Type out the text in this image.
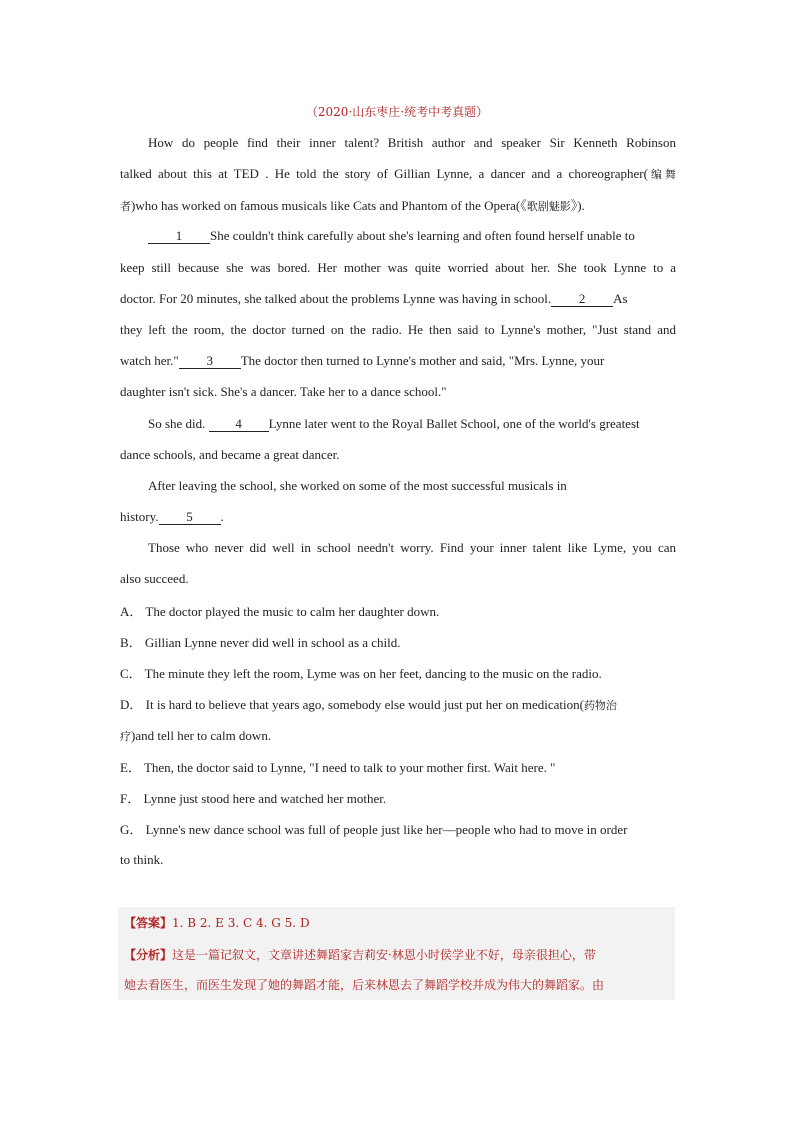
（2020·山东枣庄·统考中考真题）
How do people find their inner talent? British author and speaker Sir Kenneth Robinson
talked about this at TED . He told the story of Gillian Lynne, a dancer and a choreographer(编舞
者)who has worked on famous musicals like Cats and Phantom of the Opera(《歌剧魅影》).
1 She couldn't think carefully about she's learning and often found herself unable to
keep still because she was bored. Her mother was quite worried about her. She took Lynne to a
doctor. For 20 minutes, she talked about the problems Lynne was having in school. 2 As
they left the room, the doctor turned on the radio. He then said to Lynne's mother, "Just stand and
watch her." 3 The doctor then turned to Lynne's mother and said, "Mrs. Lynne, your
daughter isn't sick. She's a dancer. Take her to a dance school."
So she did. 4 Lynne later went to the Royal Ballet School, one of the world's greatest
dance schools, and became a great dancer.
After leaving the school, she worked on some of the most successful musicals in
history. 5 .
Those who never did well in school needn't worry. Find your inner talent like Lyme, you can
also succeed.
A． The doctor played the music to calm her daughter down.
B． Gillian Lynne never did well in school as a child.
C． The minute they left the room, Lyme was on her feet, dancing to the music on the radio.
D． It is hard to believe that years ago, somebody else would just put her on medication(药物治
疗)and tell her to calm down.
E． Then, the doctor said to Lynne, "I need to talk to your mother first. Wait here. "
F． Lynne just stood here and watched her mother.
G． Lynne's new dance school was full of people just like her—people who had to move in order
to think.
【答案】1. B 2. E 3. C 4. G 5. D
【分析】这是一篇记叙文，文章讲述舞蹈家吉莉安·林恩小时侯学业不好，母亲很担心，带
她去看医生，而医生发现了她的舞蹈才能，后来林恩去了舞蹈学校并成为伟大的舞蹈家。由
